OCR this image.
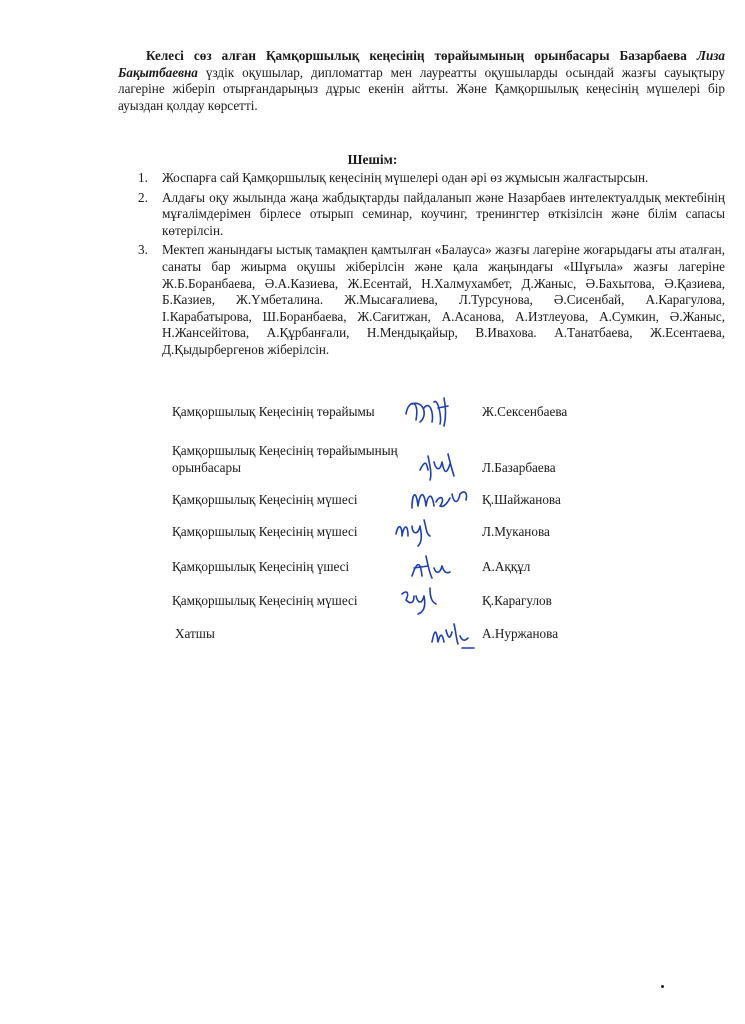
Келесі сөз алған Қамқоршылық кеңесінің төрайымының орынбасары Базарбаева Лиза Бақытбаевна үздік оқушылар, дипломаттар мен лауреатты оқушыларды осындай жазғы сауықтыру лагеріне жіберіп отырғандарыңыз дұрыс екенін айтты. Және Қамқоршылық кеңесінің мүшелері бір ауыздан қолдау көрсетті.

Шешім:

1. Жоспарға сай Қамқоршылық кеңесінің мүшелері одан әрі өз жұмысын жалғастырсын.
2. Алдағы оқу жылында жаңа жабдықтарды пайдаланып және Назарбаев интелектуалдық мектебінің мұғалімдерімен бірлесе отырып семинар, коучинг, тренингтер өткізілсін және білім сапасы көтерілсін.
3. Мектеп жанындағы ыстық тамақпен қамтылған «Балауса» жазғы лагеріне жоғарыдағы аты аталған, санаты бар жиырма оқушы жіберілсін және қала жаңындағы «Шұғыла» жазғы лагеріне Ж.Б.Боранбаева, Ә.А.Казиева, Ж.Есентай, Н.Халмухамбет, Д.Жаныс, Ә.Бахытова, Ә.Қазиева, Б.Казиев, Ж.Үмбеталина. Ж.Мысағалиева, Л.Турсунова, Ә.Сисенбай, А.Карагулова, І.Карабатырова, Ш.Боранбаева, Ж.Сағитжан, А.Асанова, А.Изтлеуова, А.Сумкин, Ә.Жаныс, Н.Жансейітова, А.Құрбанғали, Н.Мендықайыр, В.Ивахова. А.Танатбаева, Ж.Есентаева, Д.Қыдырбергенов жіберілсін.
Қамқоршылық Кеңесінің төрайымы	Ж.Сексенбаева
Қамқоршылық Кеңесінің төрайымының орынбасары	Л.Базарбаева
Қамқоршылық Кеңесінің мүшесі	Қ.Шайжанова
Қамқоршылық Кеңесінің мүшесі	Л.Муканова
Қамқоршылық Кеңесінің үшесі	А.Аққұл
Қамқоршылық Кеңесінің мүшесі	Қ.Карагулов
Хатшы	А.Нуржанова
